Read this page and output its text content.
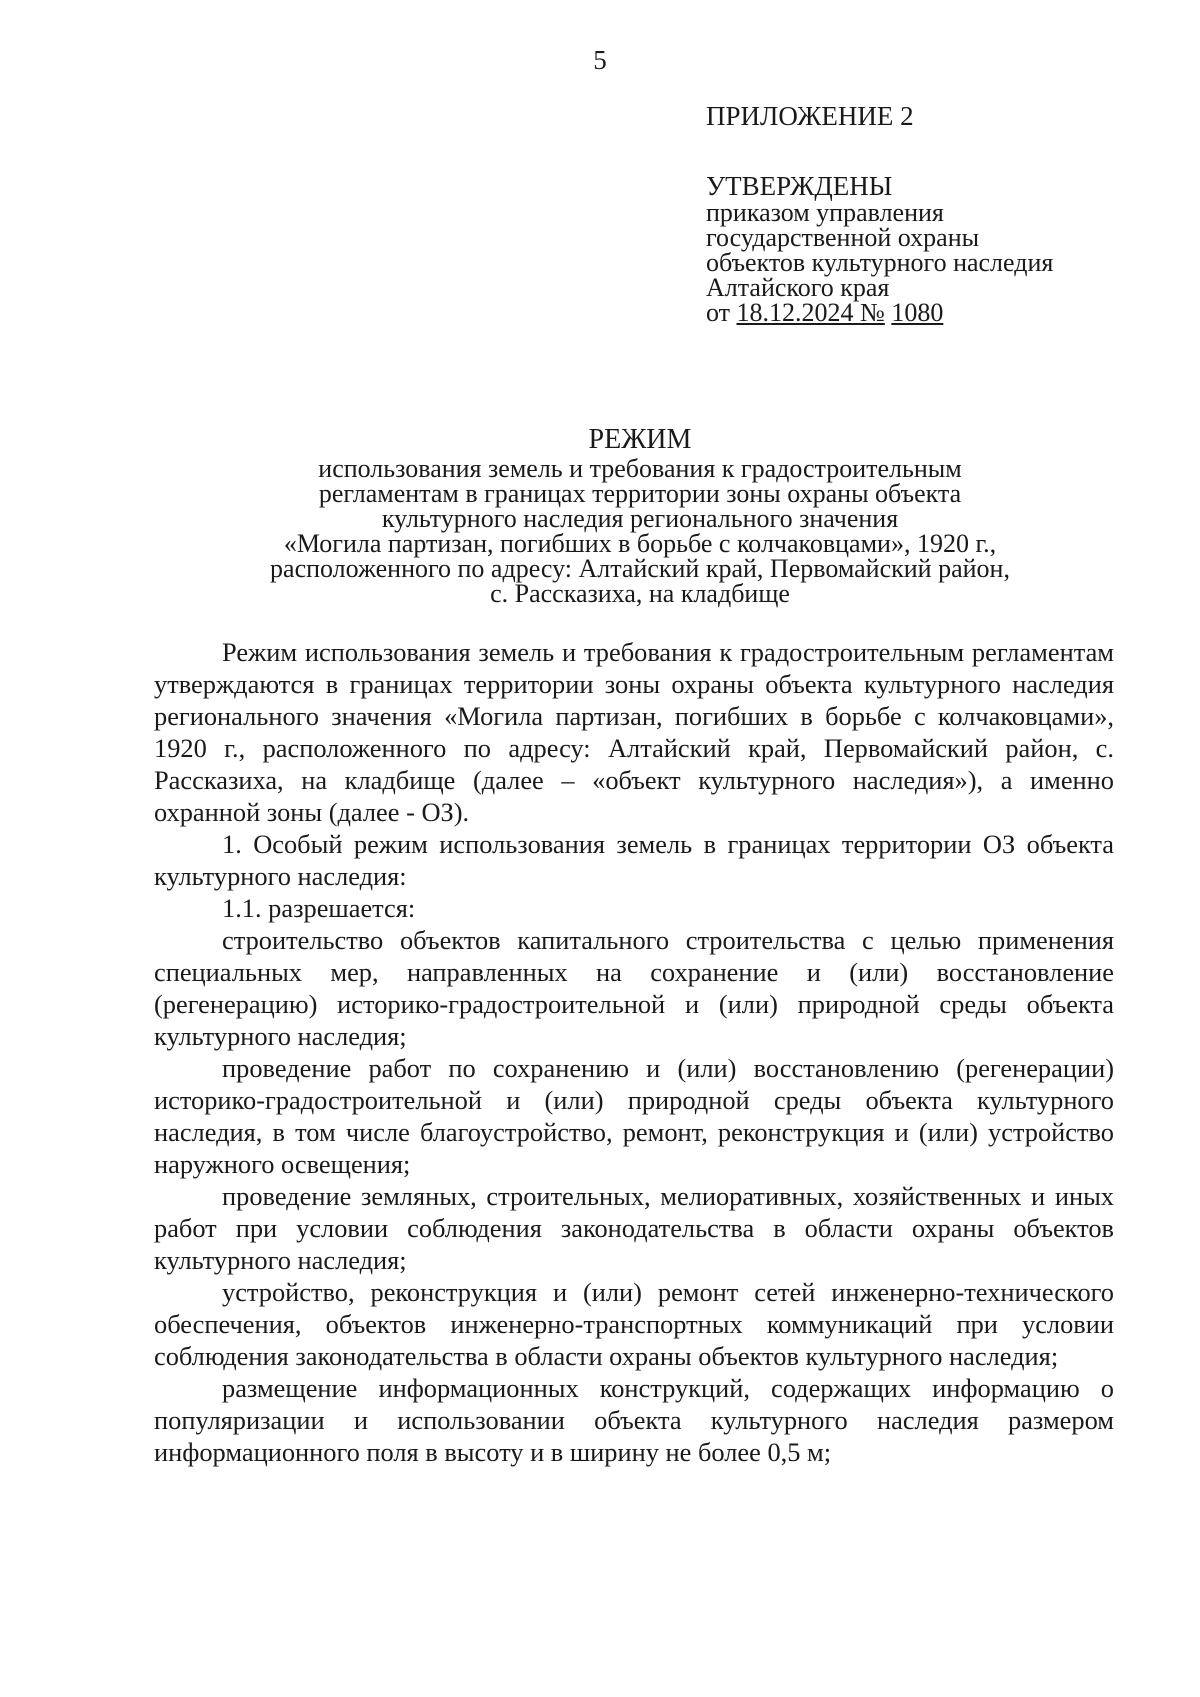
5

ПРИЛОЖЕНИЕ 2

УТВЕРЖДЕНЫ

приказом управления

государственной охраны

объектов культурного наследия

Алтайского края

от 18.12.2024 № 1080

РЕЖИМ

использования земель и требования к градостроительным

регламентам в границах территории зоны охраны объекта

культурного наследия регионального значения

«Могила партизан, погибших в борьбе с колчаковцами», 1920 г.,

расположенного по адресу: Алтайский край, Первомайский район,

с. Рассказиха, на кладбище

Режим использования земель и требования к градостроительным регламентам утверждаются в границах территории зоны охраны объекта культурного наследия регионального значения «Могила партизан, погибших в борьбе с колчаковцами», 1920 г., расположенного по адресу: Алтайский край, Первомайский район, с. Рассказиха, на кладбище (далее – «объект культурного наследия»), а именно охранной зоны (далее - ОЗ).

1. Особый режим использования земель в границах территории ОЗ объекта культурного наследия:

1.1. разрешается:

строительство объектов капитального строительства с целью применения специальных мер, направленных на сохранение и (или) восстановление (регенерацию) историко-градостроительной и (или) природной среды объекта культурного наследия;

проведение работ по сохранению и (или) восстановлению (регенерации) историко-градостроительной и (или) природной среды объекта культурного наследия, в том числе благоустройство, ремонт, реконструкция и (или) устройство наружного освещения;

проведение земляных, строительных, мелиоративных, хозяйственных и иных работ при условии соблюдения законодательства в области охраны объектов культурного наследия;

устройство, реконструкция и (или) ремонт сетей инженерно-технического обеспечения, объектов инженерно-транспортных коммуникаций при условии соблюдения законодательства в области охраны объектов культурного наследия;

размещение информационных конструкций, содержащих информацию о популяризации и использовании объекта культурного наследия размером информационного поля в высоту и в ширину не более 0,5 м;
